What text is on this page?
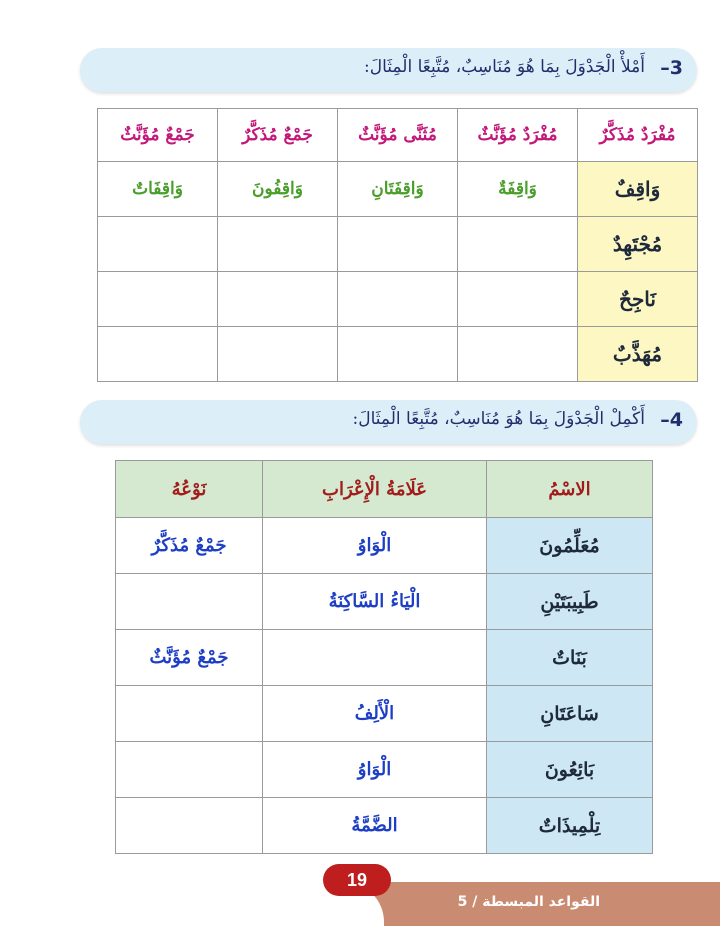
3–
أَمْلأْ الْجَدْوَلَ بِمَا هُوَ مُنَاسِبٌ، مُتَّبِعًا الْمِثَالَ:
مُفْرَدٌ مُذَكَّرٌ	مُفْرَدٌ مُؤَنَّثٌ	مُثَنَّى مُؤَنَّثٌ	جَمْعٌ مُذَكَّرٌ	جَمْعٌ مُؤَنَّثٌ
وَاقِفٌ	وَاقِفَةٌ	وَاقِفَتَانِ	وَاقِفُونَ	وَاقِفَاتٌ
مُجْتَهِدٌ				
نَاجِحٌ				
مُهَذَّبٌ				
4–
أَكْمِلْ الْجَدْوَلَ بِمَا هُوَ مُنَاسِبٌ، مُتَّبِعًا الْمِثَالَ:
الاسْمُ	عَلَامَةُ الْإِعْرَابِ	نَوْعُهُ
مُعَلِّمُونَ	الْوَاوُ	جَمْعٌ مُذَكَّرٌ
طَبِيبَتَيْنِ	الْيَاءُ السَّاكِنَةُ	
بَنَاتٌ		جَمْعٌ مُؤَنَّثٌ
سَاعَتَانِ	الْأَلِفُ	
بَائِعُونَ	الْوَاوُ	
تِلْمِيذَاتٌ	الضَّمَّةُ	
القواعد المبسطة / 5
19
